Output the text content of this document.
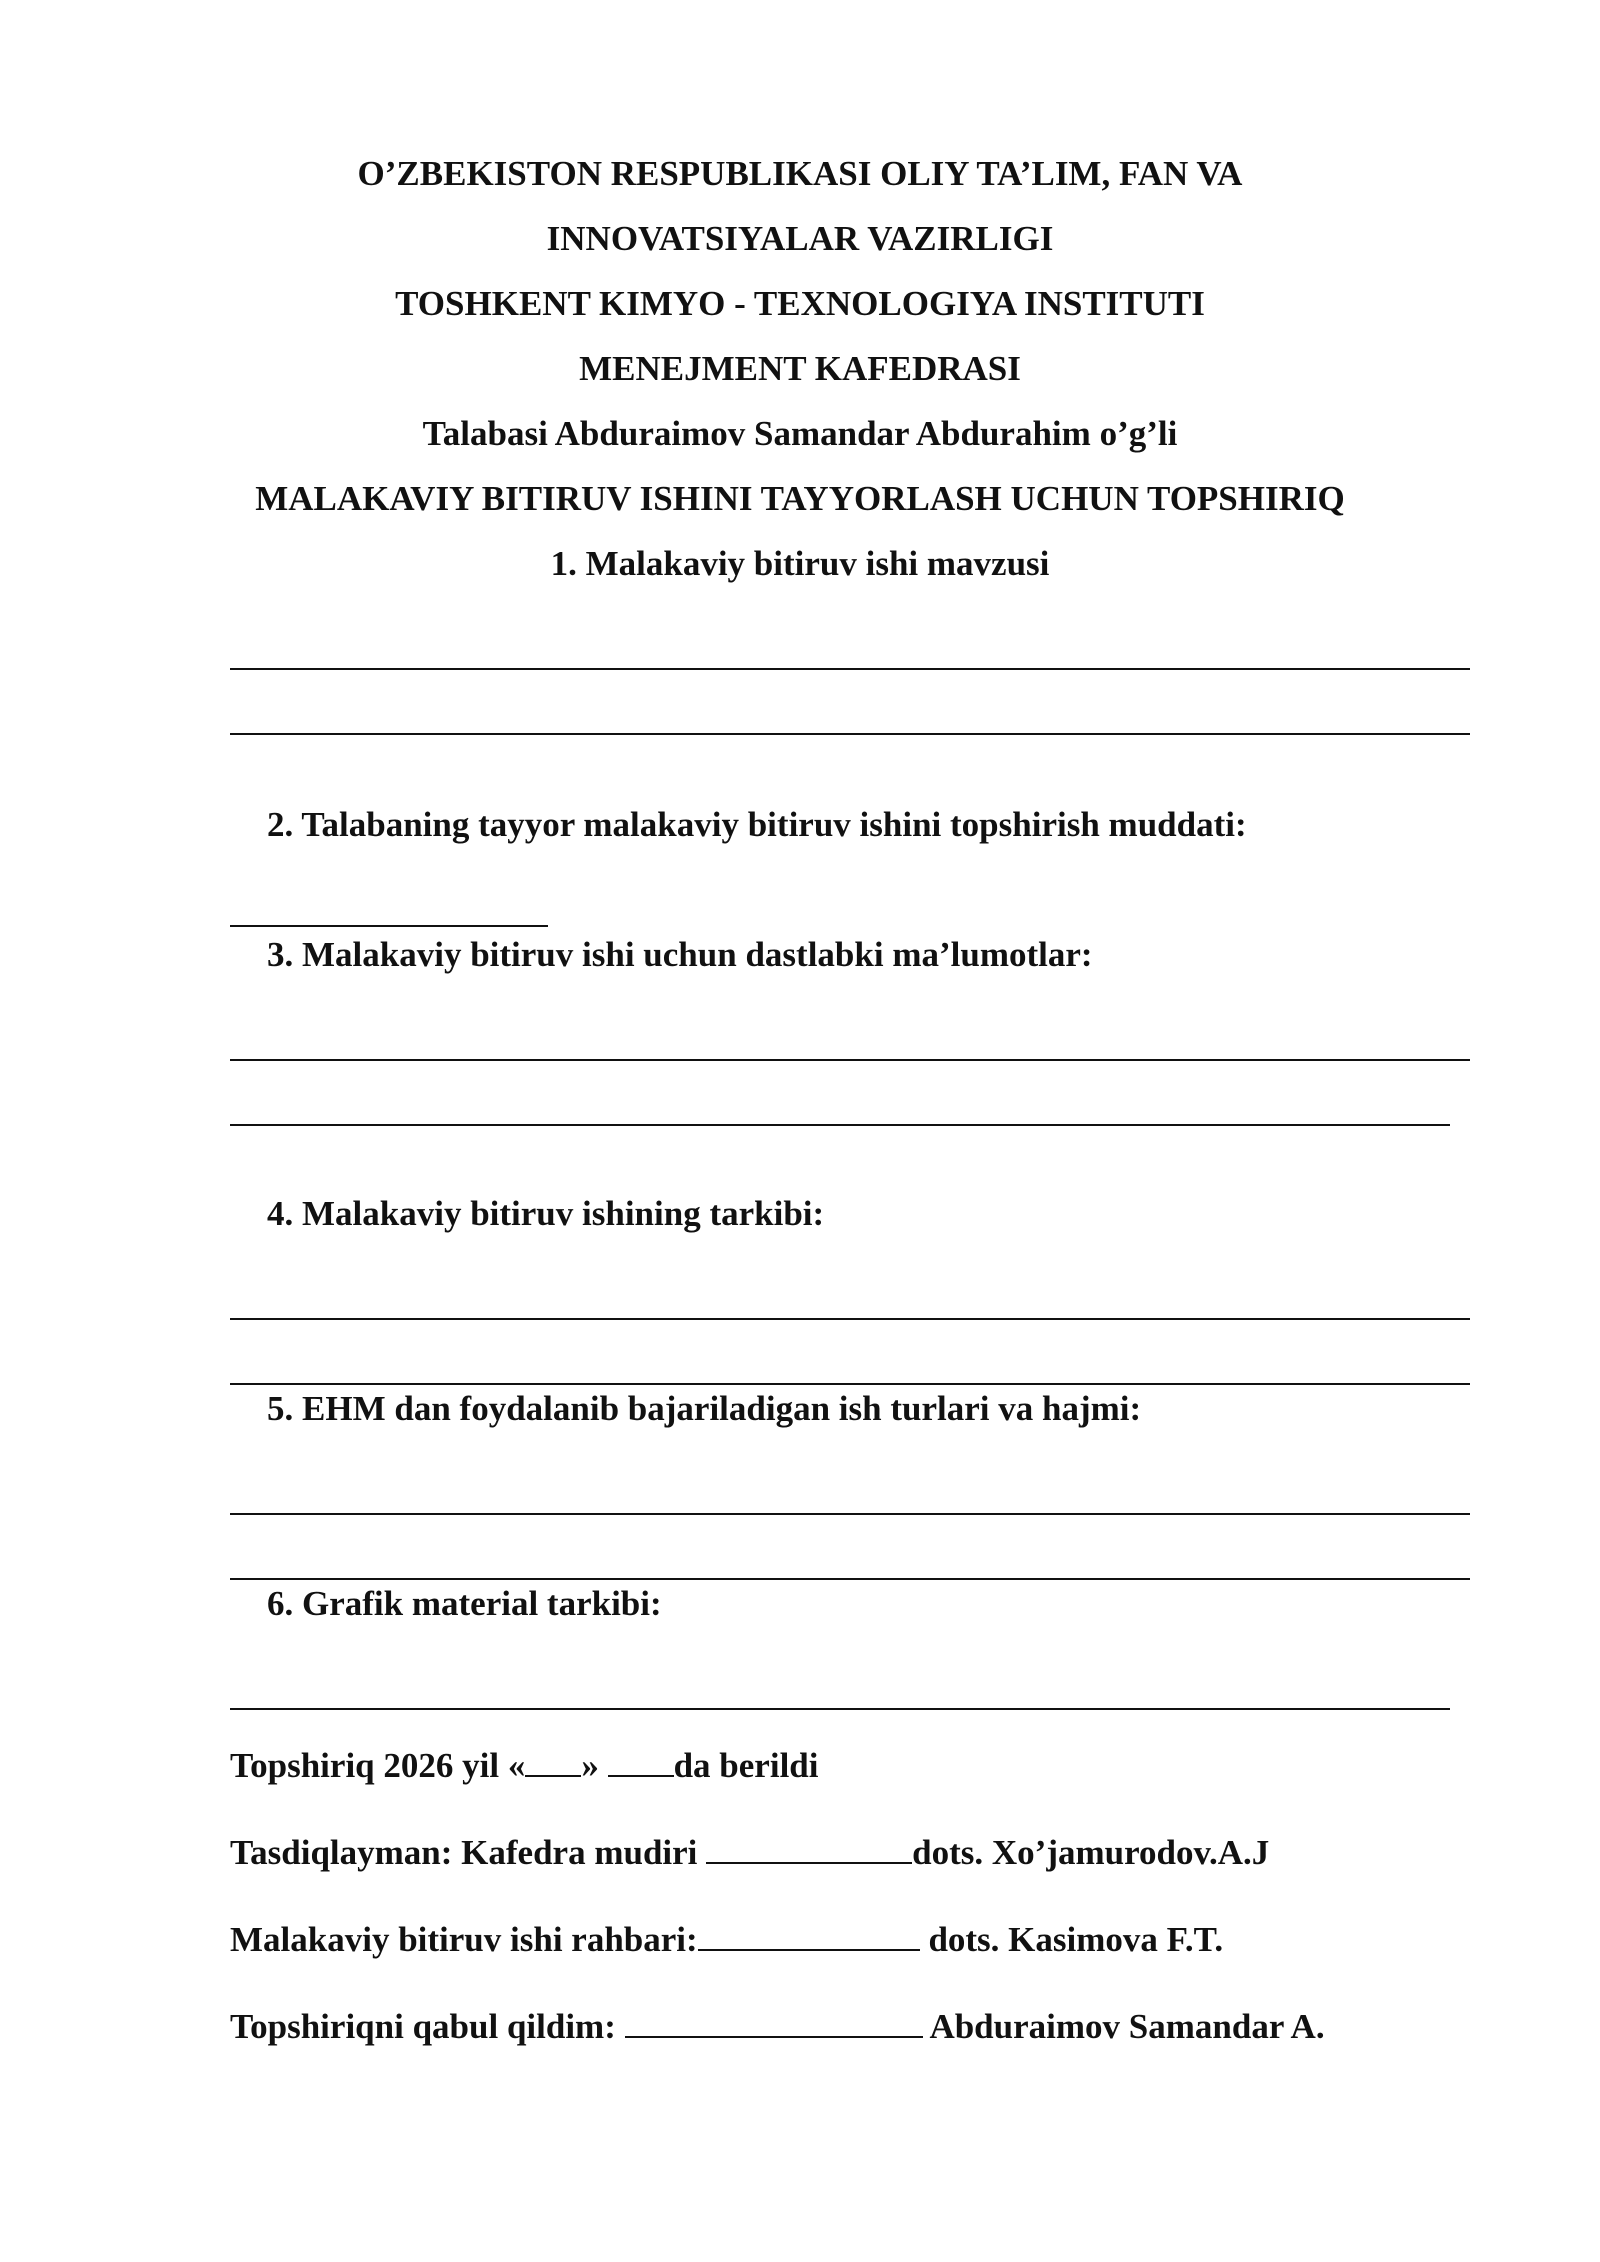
O’ZBEKISTON RESPUBLIKASI OLIY TA’LIM, FAN VA
INNOVATSIYALAR VAZIRLIGI
TOSHKENT KIMYO - TEXNOLOGIYA INSTITUTI
MENEJMENT KAFEDRASI
Talabasi Abduraimov Samandar Abdurahim o’g’li
MALAKAVIY BITIRUV ISHINI TAYYORLASH UCHUN TOPSHIRIQ
1. Malakaviy bitiruv ishi mavzusi
2. Talabaning tayyor malakaviy bitiruv ishini topshirish muddati:
3. Malakaviy bitiruv ishi uchun dastlabki ma’lumotlar:
4. Malakaviy bitiruv ishining tarkibi:
5. EHM dan foydalanib bajariladigan ish turlari va hajmi:
6. Grafik material tarkibi:
Topshiriq 2026 yil « » da berildi
Tasdiqlayman: Kafedra mudiri	dots. Xo’jamurodov.A.J
Malakaviy bitiruv ishi rahbari:	dots. Kasimova F.T.
Topshiriqni qabul qildim:	Abduraimov Samandar A.
